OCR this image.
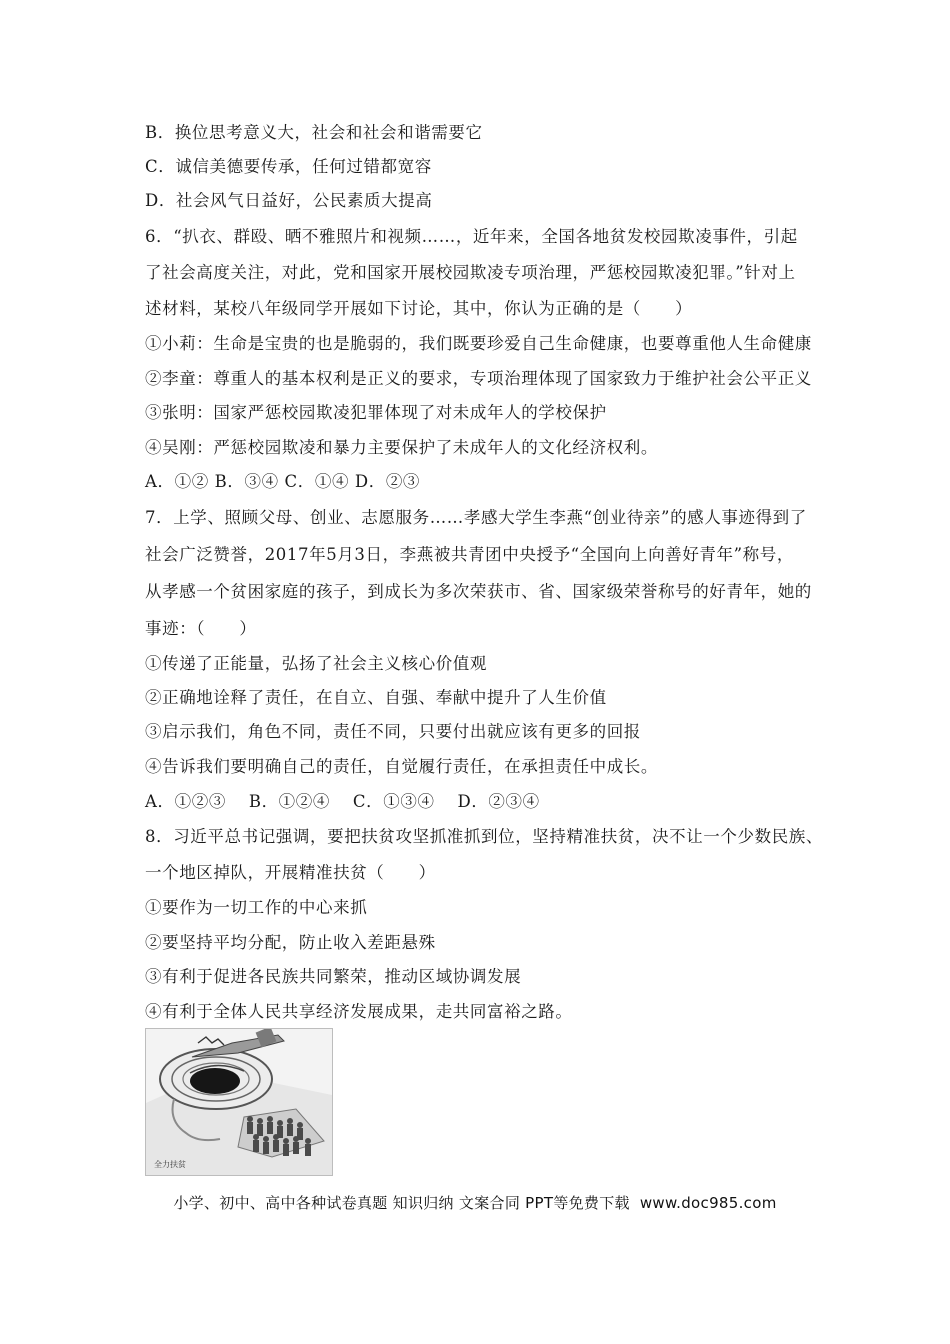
B．换位思考意义大，社会和社会和谐需要它
C．诚信美德要传承，任何过错都宽容
D．社会风气日益好，公民素质大提高
6．“扒衣、群殴、晒不雅照片和视频……，近年来，全国各地贫发校园欺凌事件，引起
了社会高度关注，对此，党和国家开展校园欺凌专项治理，严惩校园欺凌犯罪。”针对上
述材料，某校八年级同学开展如下讨论，其中，你认为正确的是（　　）
①小莉：生命是宝贵的也是脆弱的，我们既要珍爱自己生命健康，也要尊重他人生命健康
②李童：尊重人的基本权利是正义的要求，专项治理体现了国家致力于维护社会公平正义
③张明：国家严惩校园欺凌犯罪体现了对未成年人的学校保护
④吴刚：严惩校园欺凌和暴力主要保护了未成年人的文化经济权利。
A．①② B．③④ C．①④ D．②③
7．上学、照顾父母、创业、志愿服务……孝感大学生李燕“创业待亲”的感人事迹得到了
社会广泛赞誉，2017年5月3日，李燕被共青团中央授予“全国向上向善好青年”称号，
从孝感一个贫困家庭的孩子，到成长为多次荣获市、省、国家级荣誉称号的好青年，她的
事迹：（　　）
①传递了正能量，弘扬了社会主义核心价值观
②正确地诠释了责任，在自立、自强、奉献中提升了人生价值
③启示我们，角色不同，责任不同，只要付出就应该有更多的回报
④告诉我们要明确自己的责任，自觉履行责任，在承担责任中成长。
A．①②③　 B．①②④　 C．①③④　 D．②③④
8．习近平总书记强调，要把扶贫攻坚抓准抓到位，坚持精准扶贫，决不让一个少数民族、
一个地区掉队，开展精准扶贫（　　）
①要作为一切工作的中心来抓
②要坚持平均分配，防止收入差距悬殊
③有利于促进各民族共同繁荣，推动区域协调发展
④有利于全体人民共享经济发展成果，走共同富裕之路。
全力扶贫
小学、初中、高中各种试卷真题 知识归纳 文案合同 PPT等免费下载 www.doc985.com
